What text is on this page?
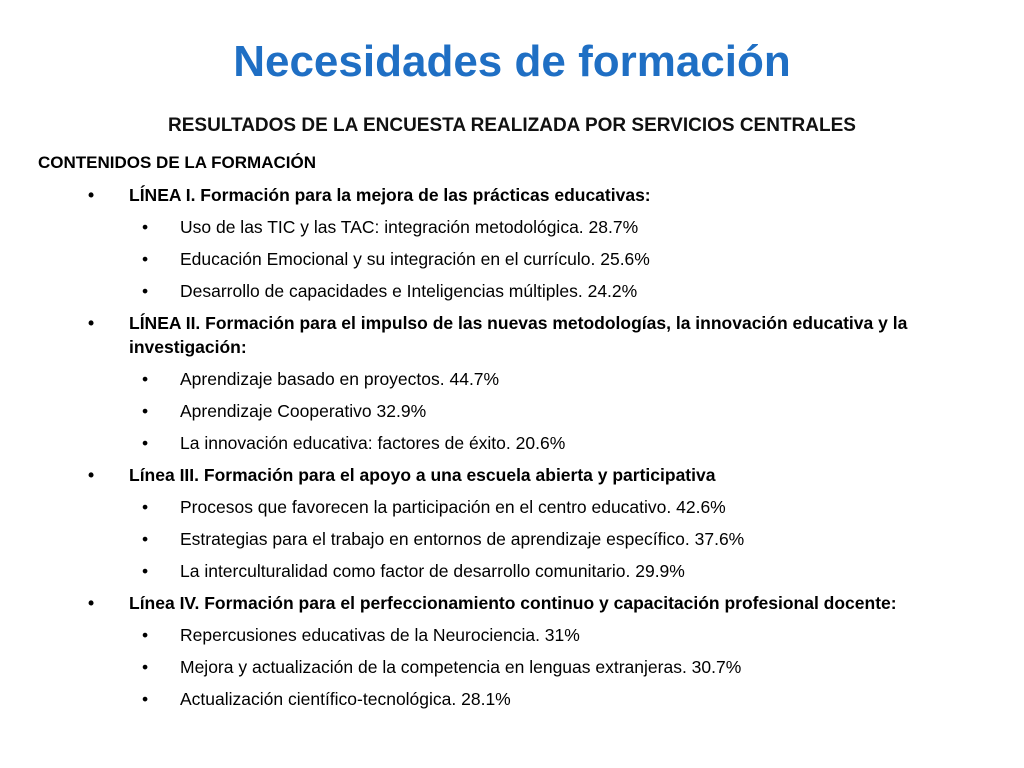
Necesidades de formación
RESULTADOS DE LA ENCUESTA REALIZADA POR SERVICIOS CENTRALES
CONTENIDOS DE LA FORMACIÓN
• LÍNEA I. Formación para la mejora de las prácticas educativas:
• Uso de las TIC y las TAC: integración metodológica. 28.7%
• Educación Emocional y su integración en el currículo. 25.6%
• Desarrollo de capacidades e Inteligencias múltiples. 24.2%
• LÍNEA II. Formación para el impulso de las nuevas metodologías, la innovación educativa y la investigación:
• Aprendizaje basado en proyectos. 44.7%
• Aprendizaje Cooperativo 32.9%
• La innovación educativa: factores de éxito. 20.6%
• Línea III. Formación para el apoyo a una escuela abierta y participativa
• Procesos que favorecen la participación en el centro educativo. 42.6%
• Estrategias para el trabajo en entornos de aprendizaje específico. 37.6%
• La interculturalidad como factor de desarrollo comunitario. 29.9%
• Línea IV. Formación para el perfeccionamiento continuo y capacitación profesional docente:
• Repercusiones educativas de la Neurociencia. 31%
• Mejora y actualización de la competencia en lenguas extranjeras. 30.7%
• Actualización científico-tecnológica. 28.1%
